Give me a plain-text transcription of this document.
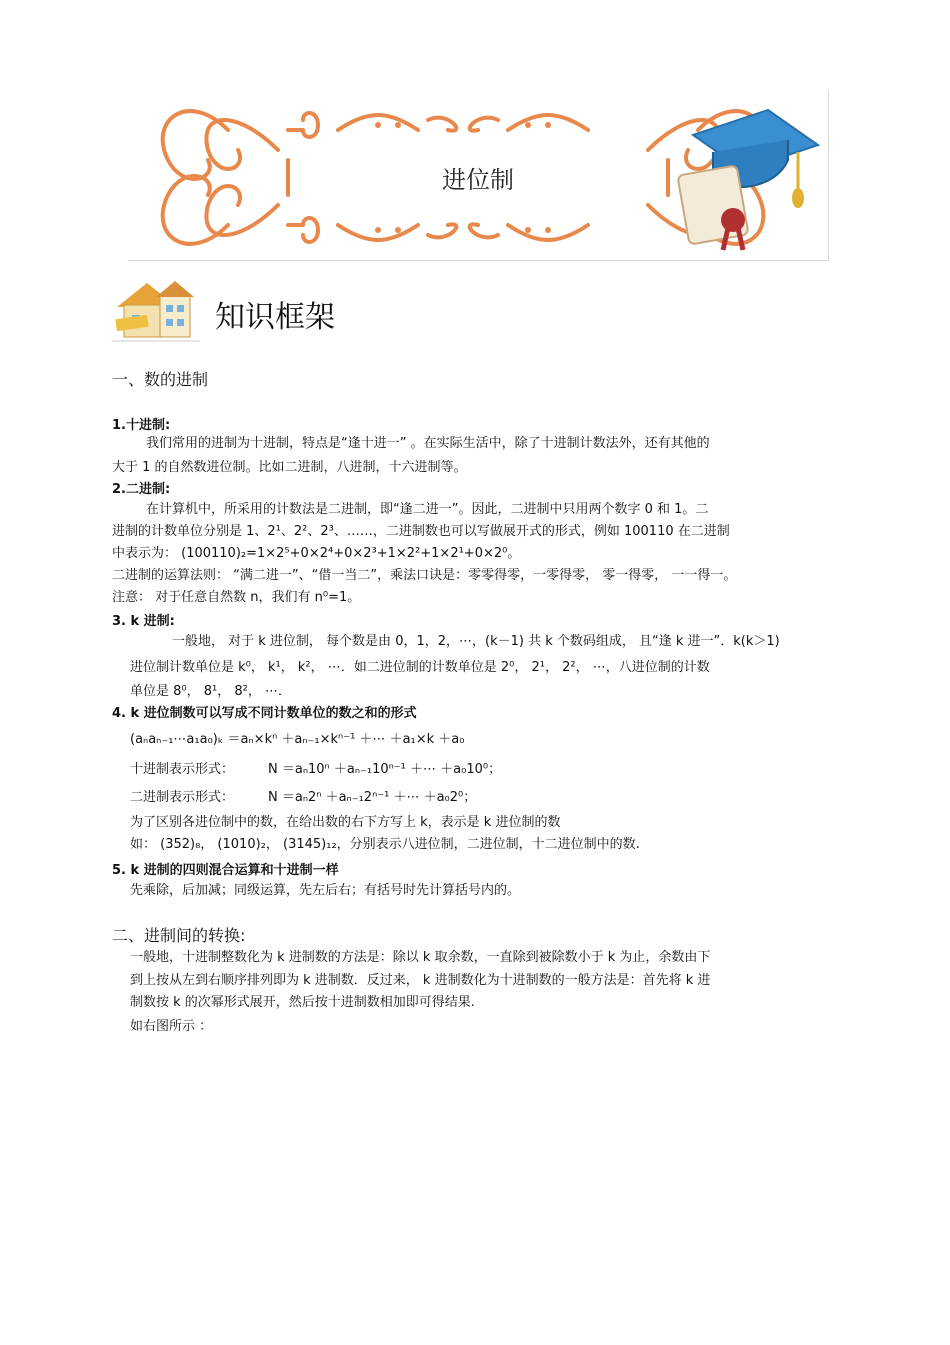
进位制
知识框架
一、数的进制
1.十进制:
我们常用的进制为十进制，特点是“逢十进一” 。在实际生活中，除了十进制计数法外，还有其他的
大于 1 的自然数进位制。比如二进制，八进制，十六进制等。
2.二进制:
在计算机中，所采用的计数法是二进制，即“逢二进一”。因此，二进制中只用两个数字 0 和 1。二
进制的计数单位分别是 1、2¹、2²、2³、……，二进制数也可以写做展开式的形式，例如 100110 在二进制
中表示为： (100110)₂=1×2⁵+0×2⁴+0×2³+1×2²+1×2¹+0×2⁰。
二进制的运算法则： “满二进一”、“借一当二”，乘法口诀是：零零得零，一零得零， 零一得零， 一一得一。
注意： 对于任意自然数 n，我们有 n⁰=1。
3. k 进制:
一般地， 对于 k 进位制， 每个数是由 0，1，2，⋯，(k－1) 共 k 个数码组成， 且“逢 k 进一”．k(k＞1)
进位制计数单位是 k⁰， k¹， k²， ⋯．如二进位制的计数单位是 2⁰， 2¹， 2²， ⋯，八进位制的计数
单位是 8⁰， 8¹， 8²， ⋯．
4. k 进位制数可以写成不同计数单位的数之和的形式
(aₙaₙ₋₁⋯a₁a₀)ₖ ＝aₙ×kⁿ ＋aₙ₋₁×kⁿ⁻¹ ＋⋯ ＋a₁×k ＋a₀
十进制表示形式：	N ＝aₙ10ⁿ ＋aₙ₋₁10ⁿ⁻¹ ＋⋯ ＋a₀10⁰；
二进制表示形式：	N ＝aₙ2ⁿ ＋aₙ₋₁2ⁿ⁻¹ ＋⋯ ＋a₀2⁰；
为了区别各进位制中的数，在给出数的右下方写上 k，表示是 k 进位制的数
如： (352)₈， (1010)₂， (3145)₁₂，分别表示八进位制，二进位制，十二进位制中的数.
5. k 进制的四则混合运算和十进制一样
先乘除，后加减；同级运算，先左后右；有括号时先计算括号内的。
二、进制间的转换:
一般地，十进制整数化为 k 进制数的方法是：除以 k 取余数，一直除到被除数小于 k 为止，余数由下
到上按从左到右顺序排列即为 k 进制数．反过来， k 进制数化为十进制数的一般方法是：首先将 k 进
制数按 k 的次幂形式展开，然后按十进制数相加即可得结果.
如右图所示 ：
